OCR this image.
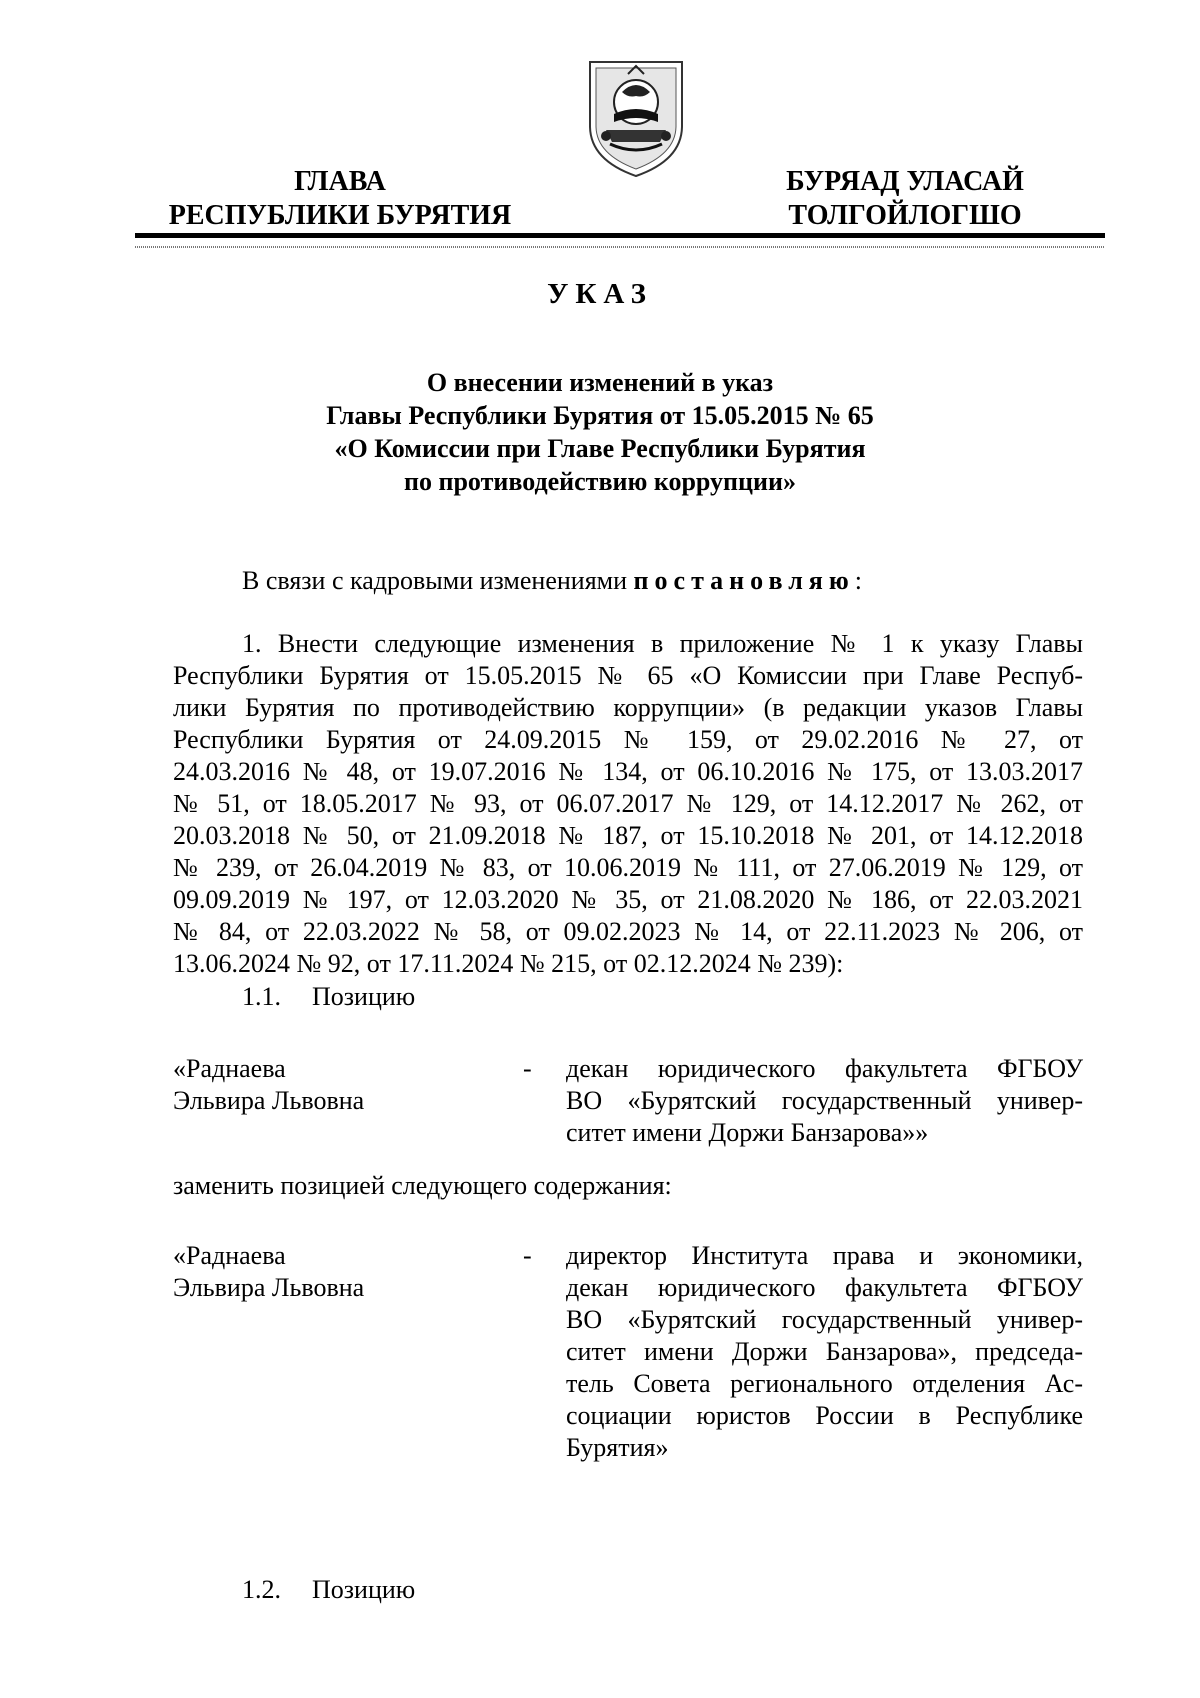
ГЛАВА
РЕСПУБЛИКИ БУРЯТИЯ
БУРЯАД УЛАСАЙ
ТОЛГОЙЛОГШО
УКАЗ
О внесении изменений в указ
Главы Республики Бурятия от 15.05.2015 № 65
«О Комиссии при Главе Республики Бурятия
по противодействию коррупции»
В связи с кадровыми изменениями постановляю:
1. Внести следующие изменения в приложение № 1 к указу Главы
Республики Бурятия от 15.05.2015 № 65 «О Комиссии при Главе Респуб-
лики Бурятия по противодействию коррупции» (в редакции указов Главы
Республики Бурятия от 24.09.2015 № 159, от 29.02.2016 № 27, от
24.03.2016 № 48, от 19.07.2016 № 134, от 06.10.2016 № 175, от 13.03.2017
№ 51, от 18.05.2017 № 93, от 06.07.2017 № 129, от 14.12.2017 № 262, от
20.03.2018 № 50, от 21.09.2018 № 187, от 15.10.2018 № 201, от 14.12.2018
№ 239, от 26.04.2019 № 83, от 10.06.2019 № 111, от 27.06.2019 № 129, от
09.09.2019 № 197, от 12.03.2020 № 35, от 21.08.2020 № 186, от 22.03.2021
№ 84, от 22.03.2022 № 58, от 09.02.2023 № 14, от 22.11.2023 № 206, от
13.06.2024 № 92, от 17.11.2024 № 215, от 02.12.2024 № 239):
1.1. Позицию
«Раднаева
Эльвира Львовна
- декан юридического факультета ФГБОУ
ВО «Бурятский государственный универ-
ситет имени Доржи Банзарова»»
заменить позицией следующего содержания:
«Раднаева
Эльвира Львовна
- директор Института права и экономики,
декан юридического факультета ФГБОУ
ВО «Бурятский государственный универ-
ситет имени Доржи Банзарова», председа-
тель Совета регионального отделения Ас-
социации юристов России в Республике
Бурятия»
1.2. Позицию
